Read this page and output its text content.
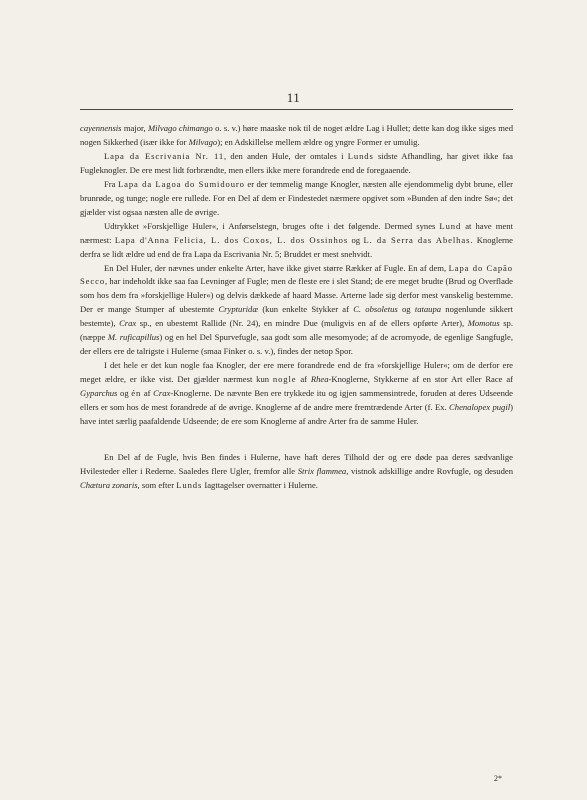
11

cayennensis major, Milvago chimango o. s. v.) høre maaske nok til de noget ældre Lag i Hullet; dette kan dog ikke siges med nogen Sikkerhed (især ikke for Milvago); en Adskillelse mellem ældre og yngre Former er umulig.

Lapa da Escrivania Nr. 11, den anden Hule, der omtales i Lunds sidste Afhandling, har givet ikke faa Fugleknogler. De ere mest lidt forbrændte, men ellers ikke mere forandrede end de foregaaende.

Fra Lapa da Lagoa do Sumidouro er der temmelig mange Knogler, næsten alle ejendommelig dybt brune, eller brunrøde, og tunge; nogle ere rullede. For en Del af dem er Findestedet nærmere opgivet som »Bunden af den indre Sø«; det gjælder vist ogsaa næsten alle de øvrige.

Udtrykket »Forskjellige Huler«, i Anførselstegn, bruges ofte i det følgende. Dermed synes Lund at have ment nærmest: Lapa d'Anna Felicia, L. dos Coxos, L. dos Ossinhos og L. da Serra das Abelhas. Knoglerne derfra se lidt ældre ud end de fra Lapa da Escrivania Nr. 5; Bruddet er mest snehvidt.

En Del Huler, der nævnes under enkelte Arter, have ikke givet større Rækker af Fugle. En af dem, Lapa do Capão Secco, har indeholdt ikke saa faa Levninger af Fugle; men de fleste ere i slet Stand; de ere meget brudte (Brud og Overflade som hos dem fra »forskjellige Huler«) og delvis dækkede af haard Masse. Arterne lade sig derfor mest vanskelig bestemme. Der er mange Stumper af ubestemte Crypturidæ (kun enkelte Stykker af C. obsoletus og tataupa nogenlunde sikkert bestemte), Crax sp., en ubestemt Rallide (Nr. 24), en mindre Due (muligvis en af de ellers opførte Arter), Momotus sp. (næppe M. ruficapillus) og en hel Del Spurvefugle, saa godt som alle mesomyode; af de acromyode, de egenlige Sangfugle, der ellers ere de talrigste i Hulerne (smaa Finker o. s. v.), findes der netop Spor.

I det hele er det kun nogle faa Knogler, der ere mere forandrede end de fra »forskjellige Huler«; om de derfor ere meget ældre, er ikke vist. Det gjælder nærmest kun nogle af Rhea-Knoglerne, Stykkerne af en stor Art eller Race af Gyparchus og én af Crax-Knoglerne. De nævnte Ben ere trykkede itu og igjen sammensintrede, foruden at deres Udseende ellers er som hos de mest forandrede af de øvrige. Knoglerne af de andre mere fremtrædende Arter (f. Ex. Chenalopex pugil) have intet særlig paafaldende Udseende; de ere som Knoglerne af andre Arter fra de samme Huler.

En Del af de Fugle, hvis Ben findes i Hulerne, have haft deres Tilhold der og ere døde paa deres sædvanlige Hvilesteder eller i Rederne. Saaledes flere Ugler, fremfor alle Strix flammea, vistnok adskillige andre Rovfugle, og desuden Chætura zonaris, som efter Lunds Iagttagelser overnatter i Hulerne.

2*
